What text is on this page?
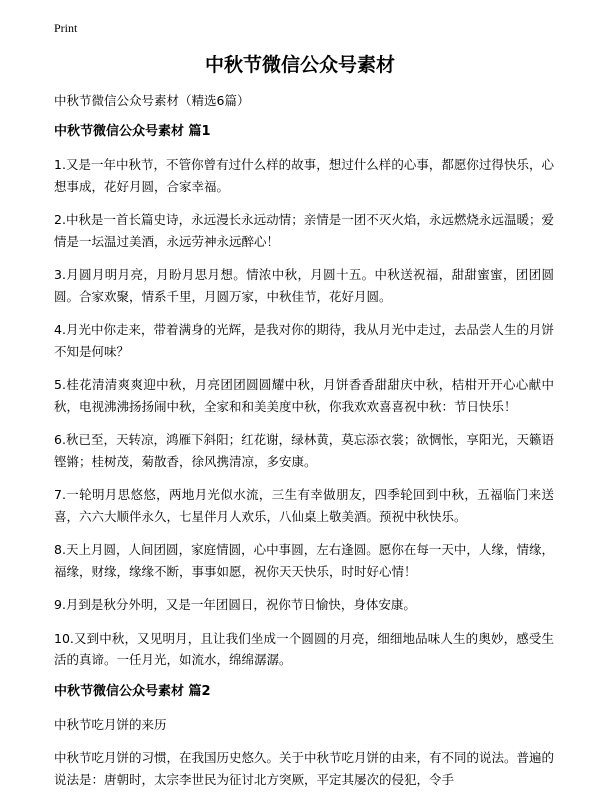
Print
中秋节微信公众号素材

中秋节微信公众号素材（精选6篇）

中秋节微信公众号素材 篇1

1.又是一年中秋节，不管你曾有过什么样的故事，想过什么样的心事，都愿你过得快乐，心想事成，花好月圆，合家幸福。

2.中秋是一首长篇史诗，永远漫长永远动情；亲情是一团不灭火焰，永远燃烧永远温暖；爱情是一坛温过美酒，永远劳神永远醉心！

3.月圆月明月亮，月盼月思月想。情浓中秋，月圆十五。中秋送祝福，甜甜蜜蜜，团团圆圆。合家欢聚，情系千里，月圆万家，中秋佳节，花好月圆。

4.月光中你走来，带着满身的光辉，是我对你的期待，我从月光中走过，去品尝人生的月饼不知是何味？

5.桂花清清爽爽迎中秋，月亮团团圆圆耀中秋，月饼香香甜甜庆中秋，桔柑开开心心献中秋，电视沸沸扬扬闹中秋，全家和和美美度中秋，你我欢欢喜喜祝中秋：节日快乐！

6.秋已至，天转凉，鸿雁下斜阳；红花谢，绿林黄，莫忘添衣裳；欲惆怅，享阳光，天籁语铿锵；桂树茂，菊散香，徐风携清凉，多安康。

7.一轮明月思悠悠，两地月光似水流，三生有幸做朋友，四季轮回到中秋，五福临门来送喜，六六大顺伴永久，七星伴月人欢乐，八仙桌上敬美酒。预祝中秋快乐。

8.天上月圆，人间团圆，家庭情圆，心中事圆，左右逢圆。愿你在每一天中，人缘，情缘，福缘，财缘，缘缘不断，事事如愿，祝你天天快乐，时时好心情！

9.月到是秋分外明，又是一年团圆日，祝你节日愉快，身体安康。

10.又到中秋，又见明月，且让我们坐成一个圆圆的月亮，细细地品味人生的奥妙，感受生活的真谛。一任月光，如流水，绵绵潺潺。

中秋节微信公众号素材 篇2

中秋节吃月饼的来历

中秋节吃月饼的习惯，在我国历史悠久。关于中秋节吃月饼的由来，有不同的说法。普遍的说法是：唐朝时，太宗李世民为征讨北方突厥，平定其屡次的侵犯，令手
